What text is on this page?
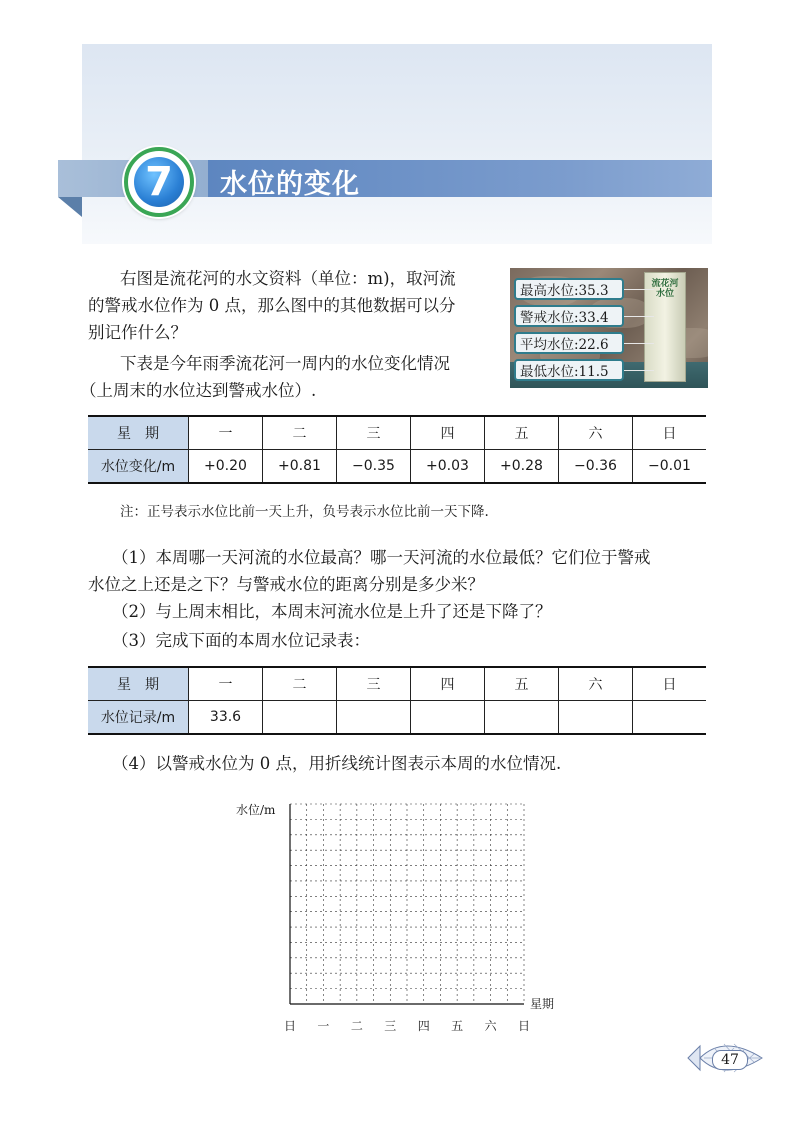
7	水位的变化

右图是流花河的水文资料（单位：m)，取河流

的警戒水位作为 0 点，那么图中的其他数据可以分

别记作什么？

下表是今年雨季流花河一周内的水位变化情况

（上周末的水位达到警戒水位）.

流花河水位
最高水位:35.3
警戒水位:33.4
平均水位:22.6
最低水位:11.5
星　期	一	二	三	四	五	六	日
水位变化/m	+0.20	+0.81	−0.35	+0.03	+0.28	−0.36	−0.01
注：正号表示水位比前一天上升，负号表示水位比前一天下降.

（1）本周哪一天河流的水位最高？哪一天河流的水位最低？它们位于警戒

水位之上还是之下？与警戒水位的距离分别是多少米？

（2）与上周末相比，本周末河流水位是上升了还是下降了？

（3）完成下面的本周水位记录表：

星　期	一	二	三	四	五	六	日
水位记录/m	33.6						

（4）以警戒水位为 0 点，用折线统计图表示本周的水位情况.

水位/m
星期
日 一 二 三 四 五 六 日
47
